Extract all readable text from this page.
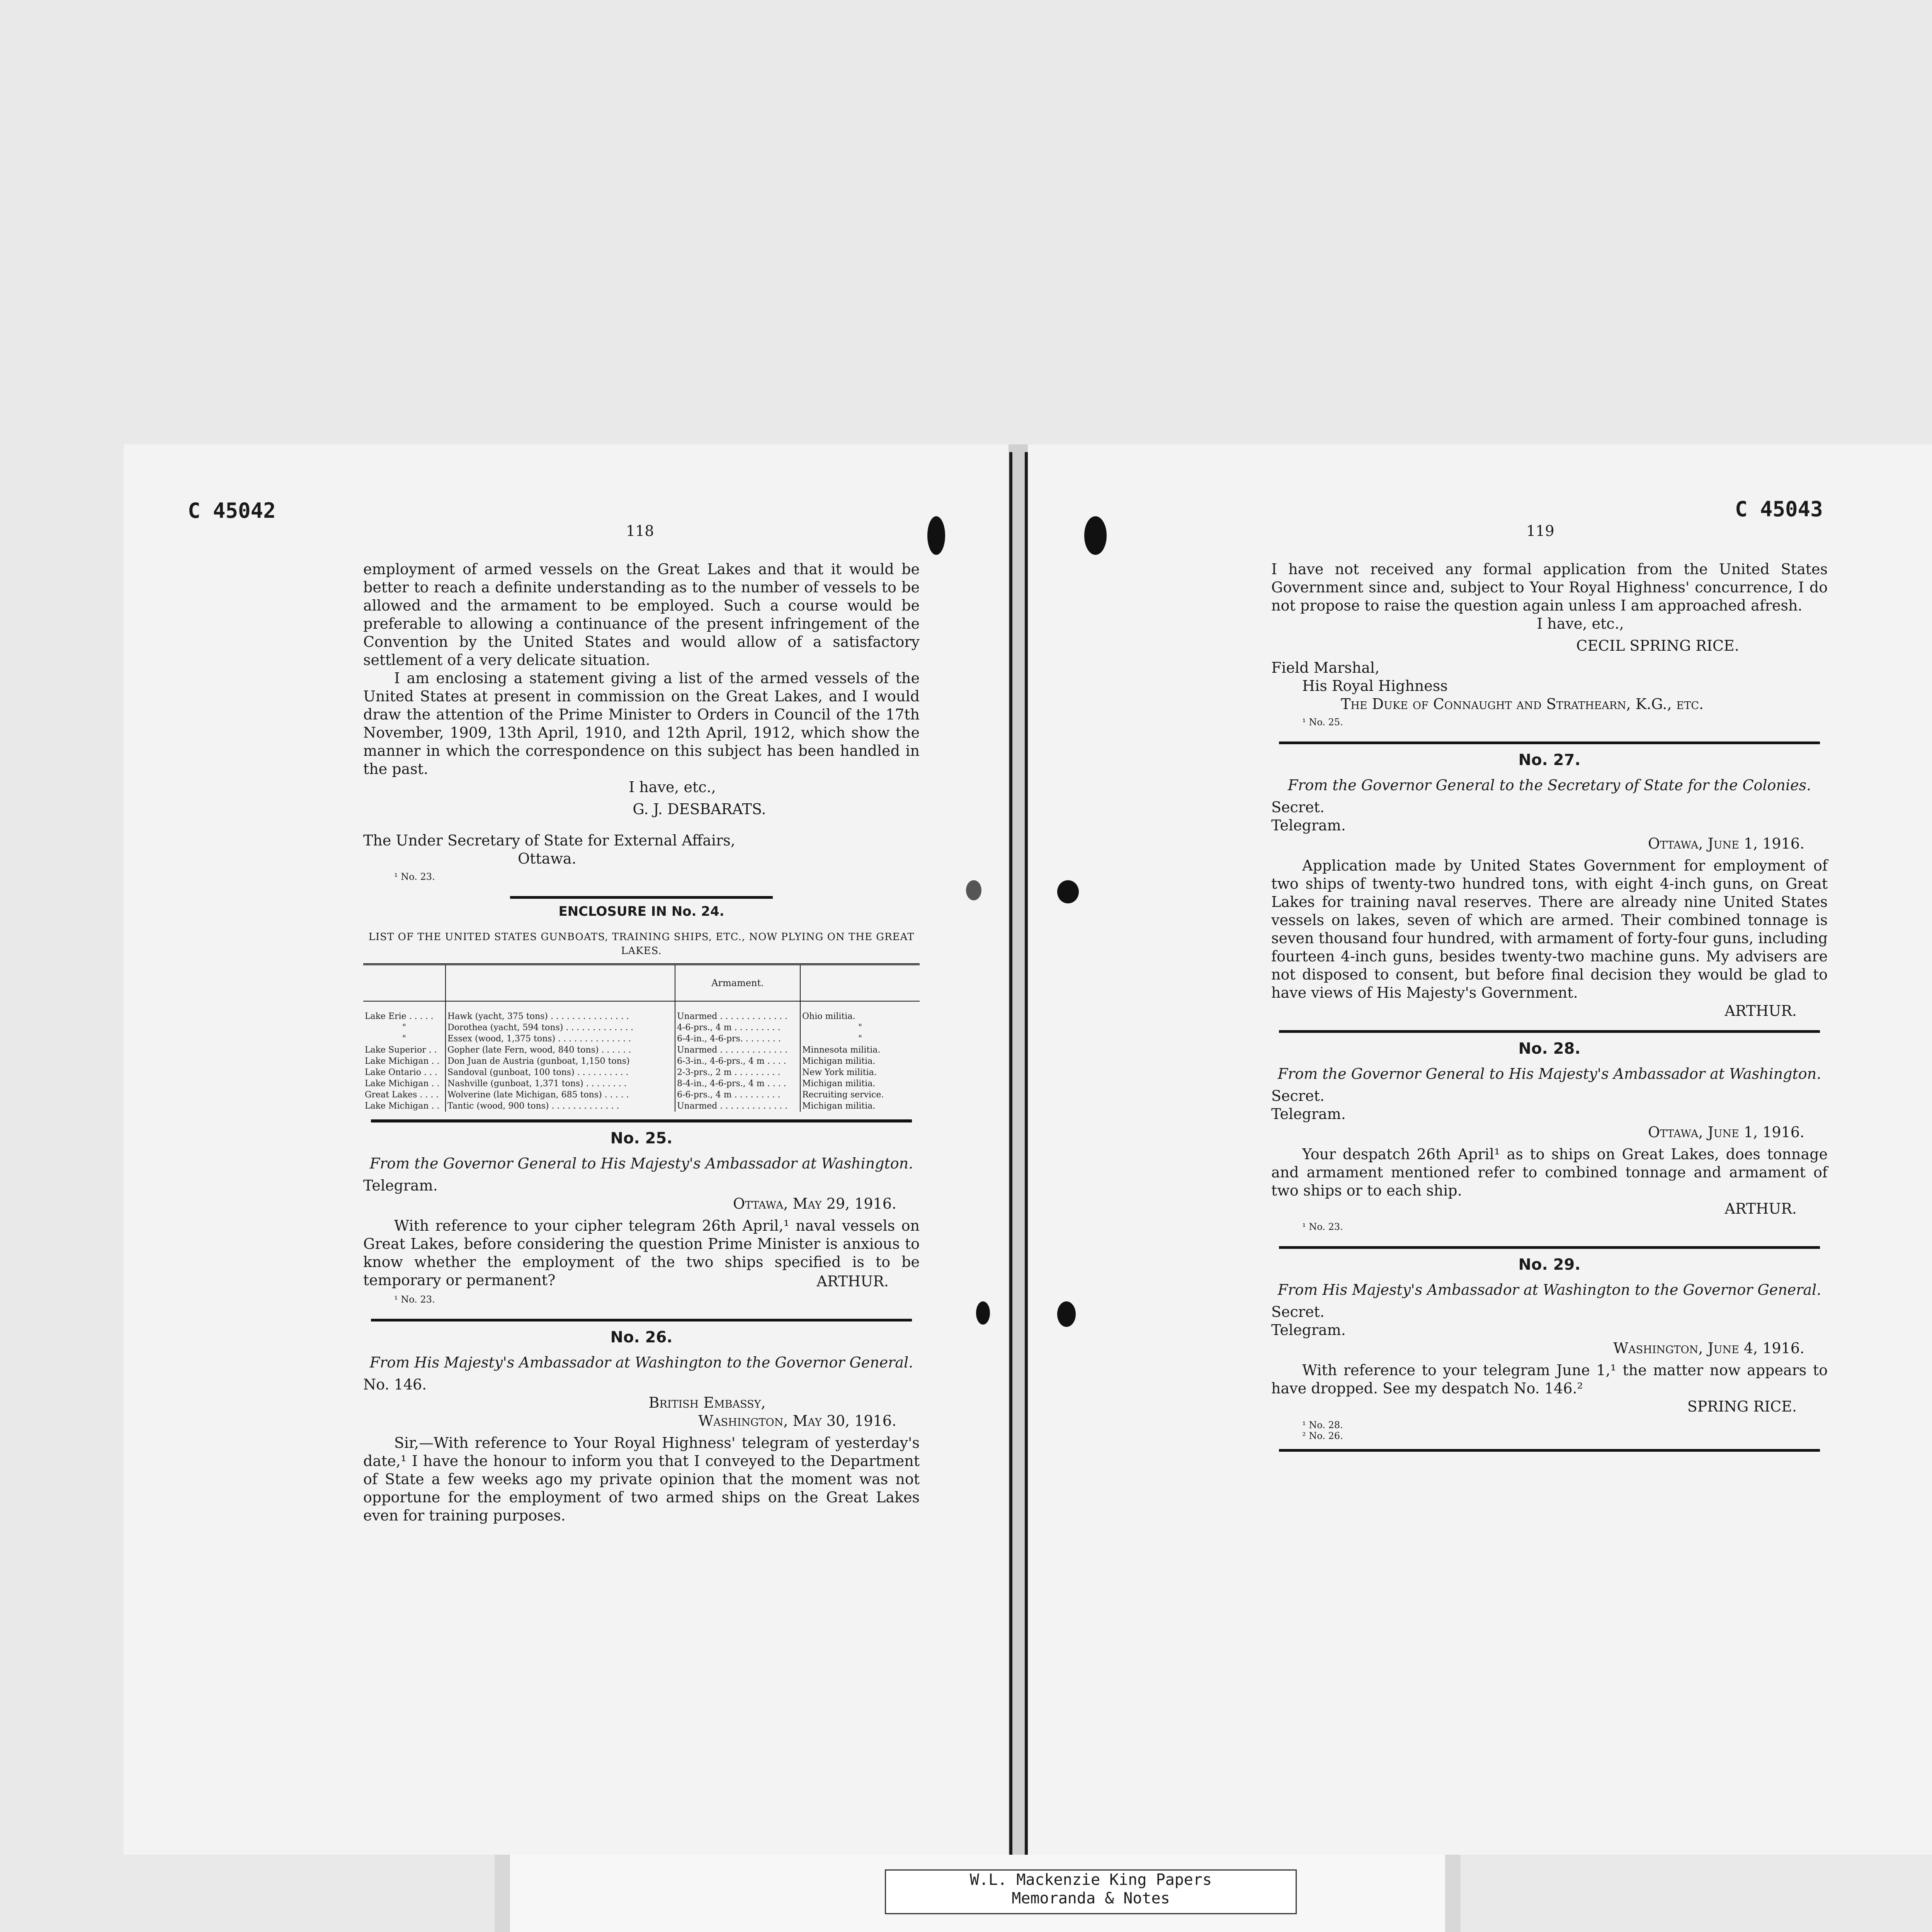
C 45042
118

employment of armed vessels on the Great Lakes and that it would be better to reach a definite understanding as to the number of vessels to be allowed and the armament to be employed. Such a course would be preferable to allowing a continuance of the present infringement of the Convention by the United States and would allow of a satisfactory settlement of a very delicate situation.

I am enclosing a statement giving a list of the armed vessels of the United States at present in commission on the Great Lakes, and I would draw the attention of the Prime Minister to Orders in Council of the 17th November, 1909, 13th April, 1910, and 12th April, 1912, which show the manner in which the correspondence on this subject has been handled in the past.

I have, etc.,

G. J. DESBARATS.

The Under Secretary of State for External Affairs,

Ottawa.

¹ No. 23.

ENCLOSURE IN No. 24.
LIST OF THE UNITED STATES GUNBOATS, TRAINING SHIPS, ETC., NOW PLYING ON THE GREAT LAKES.
		Armament.	
Lake Erie . . . . .	Hawk (yacht, 375 tons) . . . . . . . . . . . . . . .	Unarmed . . . . . . . . . . . . .	Ohio militia.
"	Dorothea (yacht, 594 tons) . . . . . . . . . . . . .	4-6-prs., 4 m . . . . . . . . .	"
"	Essex (wood, 1,375 tons) . . . . . . . . . . . . . .	6-4-in., 4-6-prs. . . . . . . .	"
Lake Superior . .	Gopher (late Fern, wood, 840 tons) . . . . . .	Unarmed . . . . . . . . . . . . .	Minnesota militia.
Lake Michigan . .	Don Juan de Austria (gunboat, 1,150 tons)	6-3-in., 4-6-prs., 4 m . . . .	Michigan militia.
Lake Ontario . . .	Sandoval (gunboat, 100 tons) . . . . . . . . . .	2-3-prs., 2 m . . . . . . . . .	New York militia.
Lake Michigan . .	Nashville (gunboat, 1,371 tons) . . . . . . . .	8-4-in., 4-6-prs., 4 m . . . .	Michigan militia.
Great Lakes . . . .	Wolverine (late Michigan, 685 tons) . . . . .	6-6-prs., 4 m . . . . . . . . .	Recruiting service.
Lake Michigan . .	Tantic (wood, 900 tons) . . . . . . . . . . . . .	Unarmed . . . . . . . . . . . . .	Michigan militia.
No. 25.

From the Governor General to His Majesty's Ambassador at Washington.

Telegram.

Ottawa, May 29, 1916.

With reference to your cipher telegram 26th April,¹ naval vessels on Great Lakes, before considering the question Prime Minister is anxious to know whether the employment of the two ships specified is to be temporary or permanent?	ARTHUR.

¹ No. 23.

No. 26.

From His Majesty's Ambassador at Washington to the Governor General.

No. 146.

British Embassy,

Washington, May 30, 1916.

Sir,—With reference to Your Royal Highness' telegram of yesterday's date,¹ I have the honour to inform you that I conveyed to the Department of State a few weeks ago my private opinion that the moment was not opportune for the employment of two armed ships on the Great Lakes even for training purposes.

C 45043
119

I have not received any formal application from the United States Government since and, subject to Your Royal Highness' concurrence, I do not propose to raise the question again unless I am approached afresh.

I have, etc.,

CECIL SPRING RICE.

Field Marshal,

His Royal Highness

The Duke of Connaught and Strathearn, K.G., etc.

¹ No. 25.

No. 27.

From the Governor General to the Secretary of State for the Colonies.

Secret.

Telegram.

Ottawa, June 1, 1916.

Application made by United States Government for employment of two ships of twenty-two hundred tons, with eight 4-inch guns, on Great Lakes for training naval reserves. There are already nine United States vessels on lakes, seven of which are armed. Their combined tonnage is seven thousand four hundred, with armament of forty-four guns, including fourteen 4-inch guns, besides twenty-two machine guns. My advisers are not disposed to consent, but before final decision they would be glad to have views of His Majesty's Government.

ARTHUR.

No. 28.

From the Governor General to His Majesty's Ambassador at Washington.

Secret.

Telegram.

Ottawa, June 1, 1916.

Your despatch 26th April¹ as to ships on Great Lakes, does tonnage and armament mentioned refer to combined tonnage and armament of two ships or to each ship.

ARTHUR.

¹ No. 23.

No. 29.

From His Majesty's Ambassador at Washington to the Governor General.

Secret.

Telegram.

Washington, June 4, 1916.

With reference to your telegram June 1,¹ the matter now appears to have dropped. See my despatch No. 146.²

SPRING RICE.

¹ No. 28.

² No. 26.

W.L. Mackenzie King Papers
Memoranda & Notes
